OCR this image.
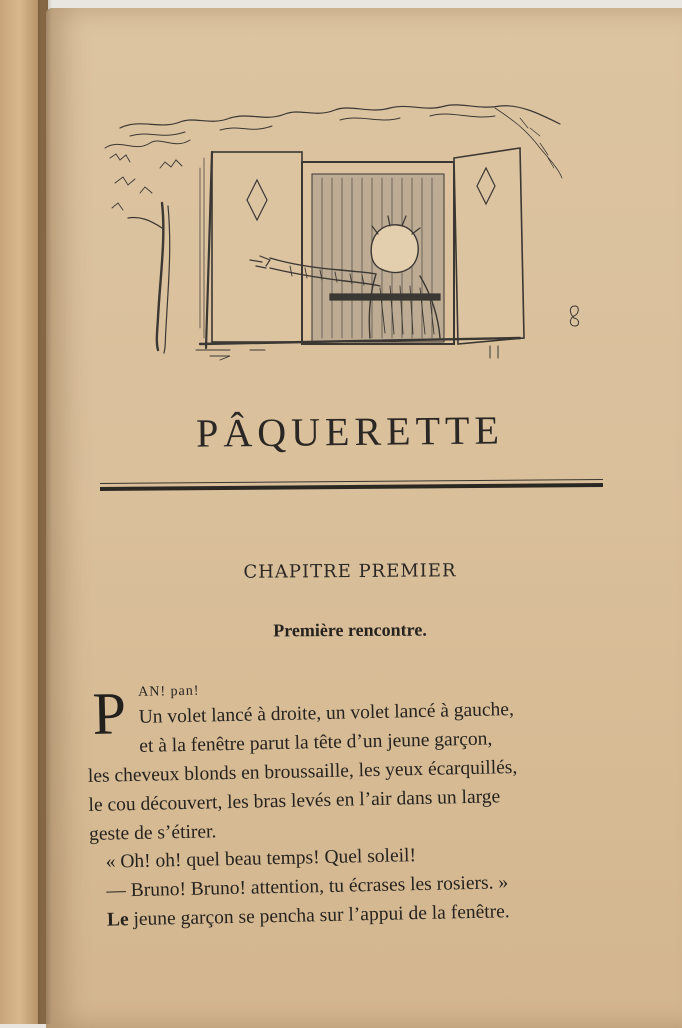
PÂQUERETTE
CHAPITRE PREMIER
Première rencontre.
P AN! pan!
Un volet lancé à droite, un volet lancé à gauche,
et à la fenêtre parut la tête d’un jeune garçon,
les cheveux blonds en broussaille, les yeux écarquillés,
le cou découvert, les bras levés en l’air dans un large
geste de s’étirer.
« Oh! oh! quel beau temps! Quel soleil!
— Bruno! Bruno! attention, tu écrases les rosiers. »
Le jeune garçon se pencha sur l’appui de la fenêtre.
